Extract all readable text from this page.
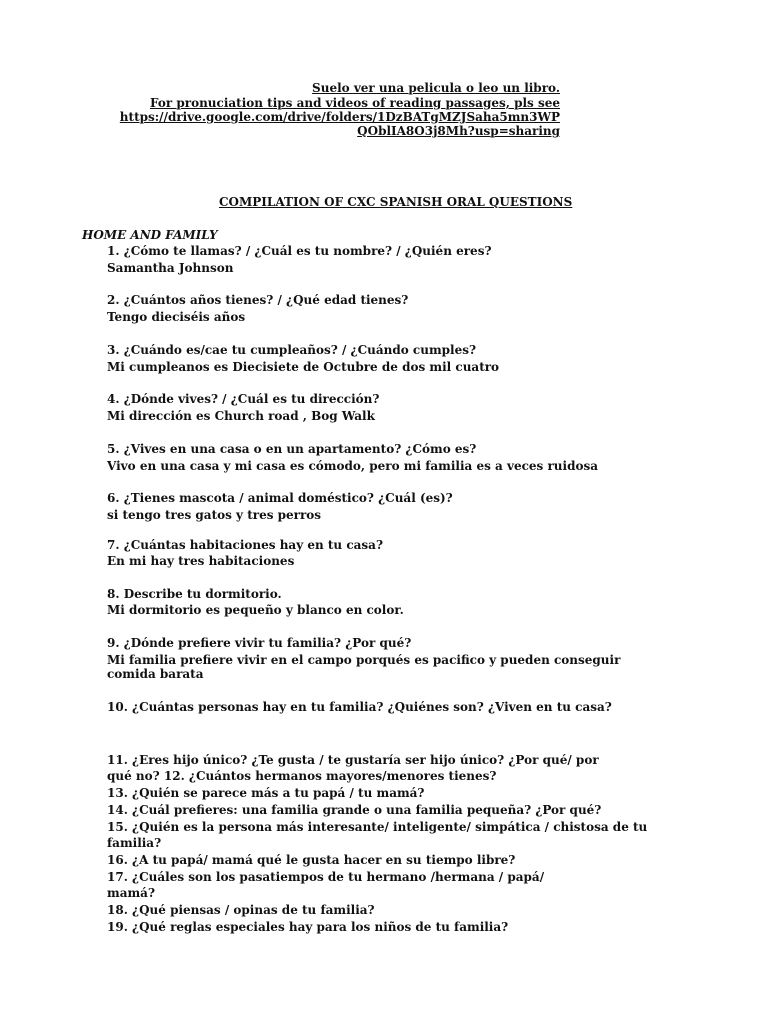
Suelo ver una pelicula o leo un libro.
For pronuciation tips and videos of reading passages, pls see
https://drive.google.com/drive/folders/1DzBATgMZJSaha5mn3WP
QOblIA8O3j8Mh?usp=sharing
COMPILATION OF CXC SPANISH ORAL QUESTIONS
HOME AND FAMILY
1. ¿Cómo te llamas? / ¿Cuál es tu nombre? / ¿Quién eres?
Samantha Johnson
2. ¿Cuántos años tienes? / ¿Qué edad tienes?
Tengo dieciséis años
3. ¿Cuándo es/cae tu cumpleaños? / ¿Cuándo cumples?
Mi cumpleanos es Diecisiete de Octubre de dos mil cuatro
4. ¿Dónde vives? / ¿Cuál es tu dirección?
Mi dirección es Church road , Bog Walk
5. ¿Vives en una casa o en un apartamento? ¿Cómo es?
Vivo en una casa y mi casa es cómodo, pero mi familia es a veces ruidosa
6. ¿Tienes mascota / animal doméstico? ¿Cuál (es)?
si tengo tres gatos y tres perros
7. ¿Cuántas habitaciones hay en tu casa?
En mi hay tres habitaciones
8. Describe tu dormitorio.
Mi dormitorio es pequeño y blanco en color.
9. ¿Dónde prefiere vivir tu familia? ¿Por qué?
Mi familia prefiere vivir en el campo porqués es pacifico y pueden conseguir
comida barata
10. ¿Cuántas personas hay en tu familia? ¿Quiénes son? ¿Viven en tu casa?
11. ¿Eres hijo único? ¿Te gusta / te gustaría ser hijo único? ¿Por qué/ por
qué no? 12. ¿Cuántos hermanos mayores/menores tienes?
13. ¿Quién se parece más a tu papá / tu mamá?
14. ¿Cuál prefieres: una familia grande o una familia pequeña? ¿Por qué?
15. ¿Quién es la persona más interesante/ inteligente/ simpática / chistosa de tu
familia?
16. ¿A tu papá/ mamá qué le gusta hacer en su tiempo libre?
17. ¿Cuáles son los pasatiempos de tu hermano /hermana / papá/
mamá?
18. ¿Qué piensas / opinas de tu familia?
19. ¿Qué reglas especiales hay para los niños de tu familia?
